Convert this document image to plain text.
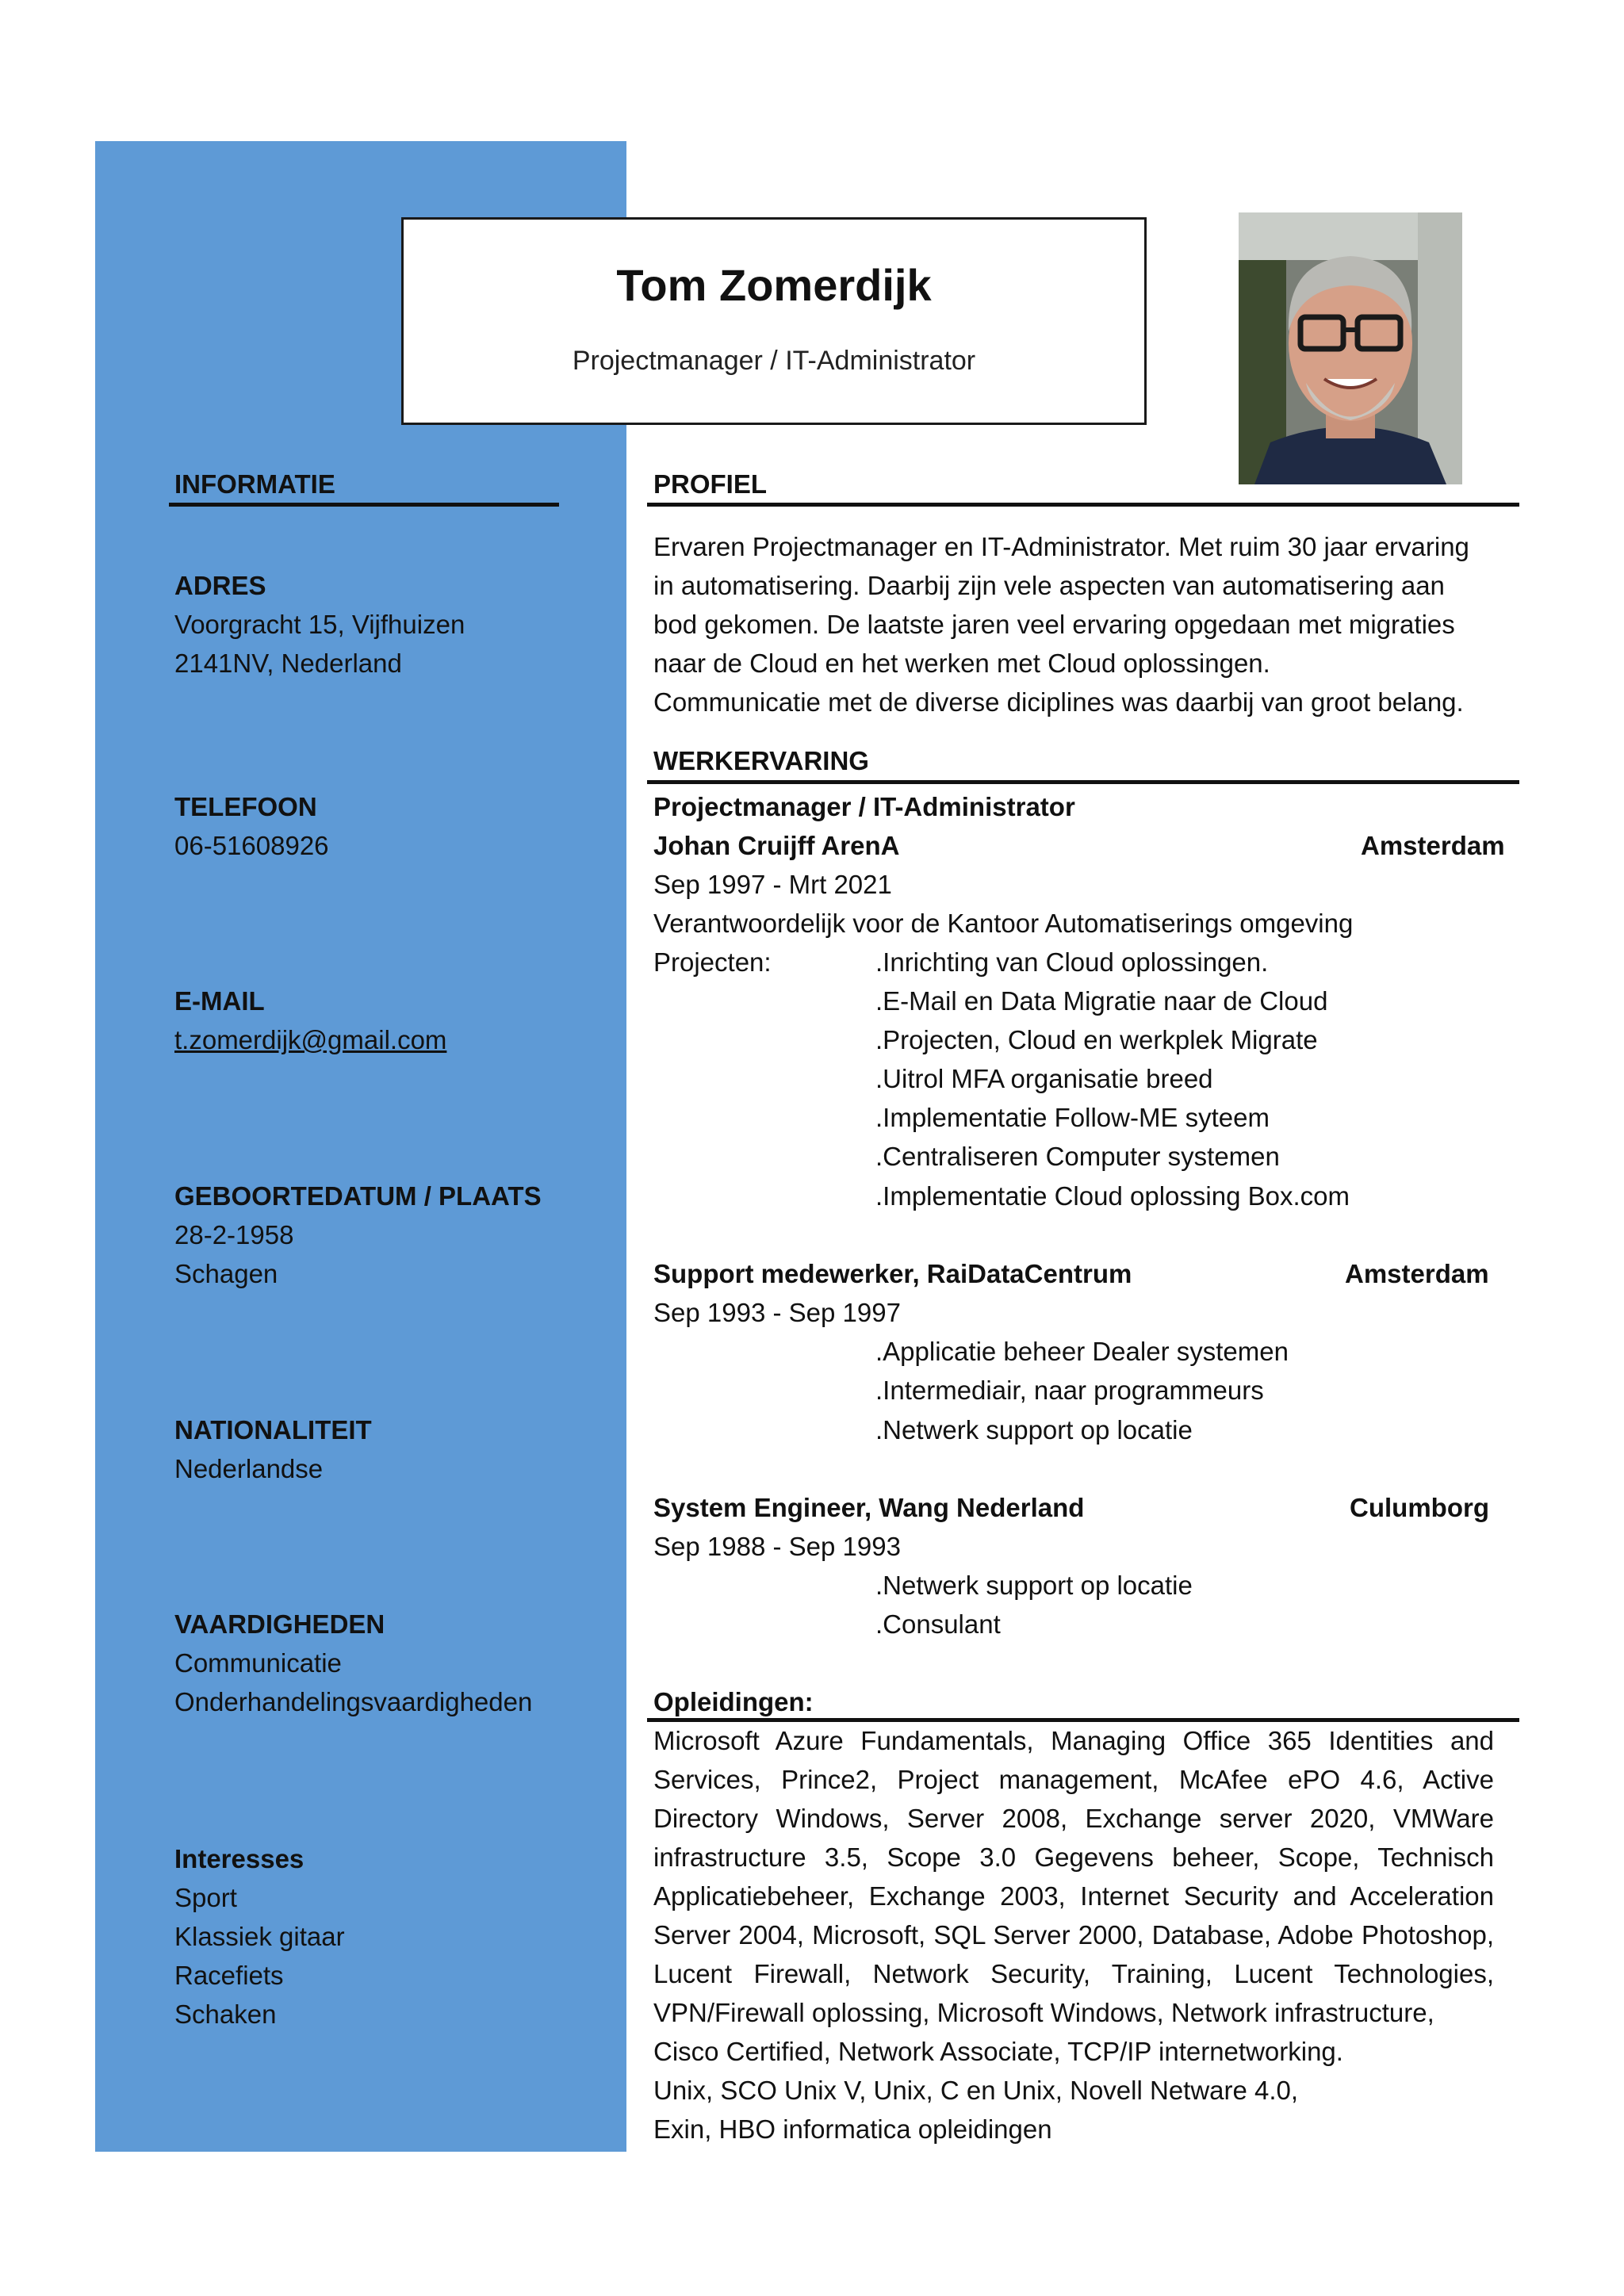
Tom Zomerdijk
Projectmanager / IT-Administrator
INFORMATIE
ADRES
Voorgracht 15, Vijfhuizen
2141NV, Nederland
TELEFOON
06-51608926
E-MAIL
t.zomerdijk@gmail.com
GEBOORTEDATUM / PLAATS
28-2-1958
Schagen
NATIONALITEIT
Nederlandse
VAARDIGHEDEN
Communicatie
Onderhandelingsvaardigheden
Interesses
Sport
Klassiek gitaar
Racefiets
Schaken
PROFIEL
Ervaren Projectmanager en IT-Administrator. Met ruim 30 jaar ervaring
in automatisering. Daarbij zijn vele aspecten van automatisering aan
bod gekomen. De laatste jaren veel ervaring opgedaan met migraties
naar de Cloud en het werken met Cloud oplossingen.
Communicatie met de diverse diciplines was daarbij van groot belang.
WERKERVARING
Projectmanager / IT-Administrator
Johan Cruijff ArenA	Amsterdam
Sep 1997 - Mrt 2021
Verantwoordelijk voor de Kantoor Automatiserings omgeving
Projecten:	.Inrichting van Cloud oplossingen.
.E-Mail en Data Migratie naar de Cloud
.Projecten, Cloud en werkplek Migrate
.Uitrol MFA organisatie breed
.Implementatie Follow-ME syteem
.Centraliseren Computer systemen
.Implementatie Cloud oplossing Box.com
Support medewerker, RaiDataCentrum	Amsterdam
Sep 1993 - Sep 1997
.Applicatie beheer Dealer systemen
.Intermediair, naar programmeurs
.Netwerk support op locatie
System Engineer, Wang Nederland	Culumborg
Sep 1988 - Sep 1993
.Netwerk support op locatie
.Consulant
Opleidingen:
Microsoft Azure Fundamentals, Managing Office 365 Identities and
Services, Prince2, Project management, McAfee ePO 4.6, Active
Directory Windows, Server 2008, Exchange server 2020, VMWare
infrastructure 3.5, Scope 3.0 Gegevens beheer, Scope, Technisch
Applicatiebeheer, Exchange 2003, Internet Security and Acceleration
Server 2004, Microsoft, SQL Server 2000, Database, Adobe Photoshop,
Lucent Firewall, Network Security, Training, Lucent Technologies,
VPN/Firewall oplossing, Microsoft Windows, Network infrastructure,
Cisco Certified, Network Associate, TCP/IP internetworking.
Unix, SCO Unix V, Unix, C en Unix, Novell Netware 4.0,
Exin, HBO informatica opleidingen
